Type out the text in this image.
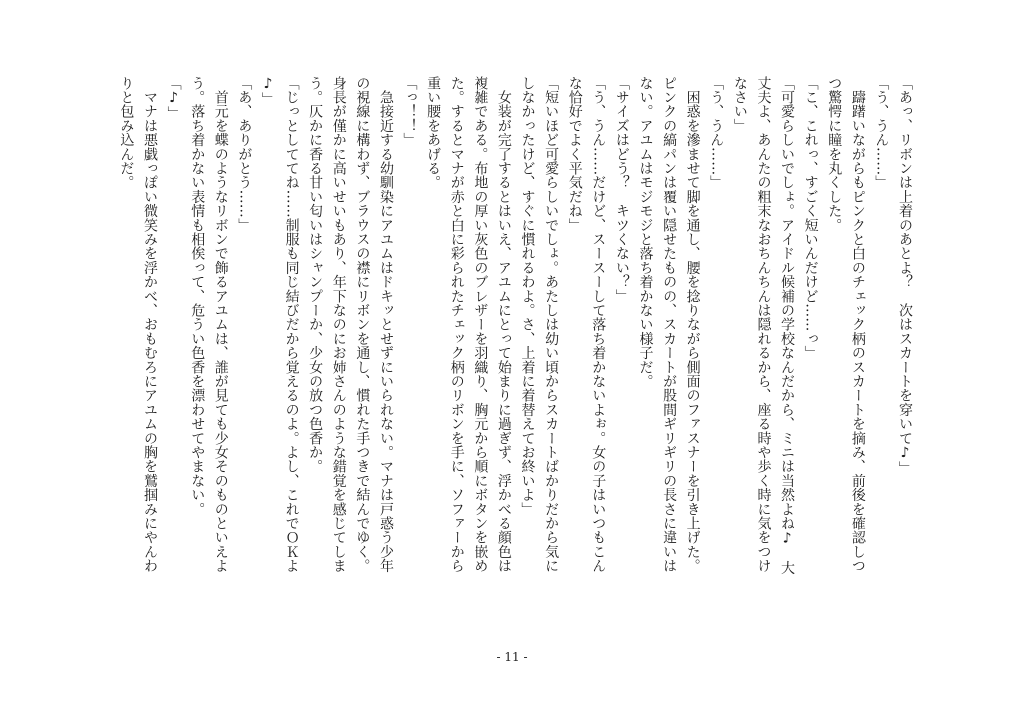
「あっ、リボンは上着のあとよ？　次はスカートを穿いて♪」
「う、うん……」
　躊躇いながらもピンクと白のチェック柄のスカートを摘み、前後を確認しつ
つ驚愕に瞳を丸くした。
「こ、これっ、すごく短いんだけど……っ」
「可愛らしいでしょ。アイドル候補の学校なんだから、ミニは当然よね♪　大
丈夫よ、あんたの粗末なおちんちんは隠れるから、座る時や歩く時に気をつけ
なさい」
「う、うん……」
　困惑を滲ませて脚を通し、腰を捻りながら側面のファスナーを引き上げた。
ピンクの縞パンは覆い隠せたものの、スカートが股間ギリギリの長さに違いは
ない。アユムはモジモジと落ち着かない様子だ。
「サイズはどう？　キツくない？」
「う、うん……だけど、スースーして落ち着かないよぉ。女の子はいつもこん
な恰好でよく平気だね」
「短いほど可愛らしいでしょ。あたしは幼い頃からスカートばかりだから気に
しなかったけど、すぐに慣れるわよ。さ、上着に着替えてお終いよ」
　女装が完了するとはいえ、アユムにとって始まりに過ぎず、浮かべる顔色は
複雑である。布地の厚い灰色のブレザーを羽織り、胸元から順にボタンを嵌め
た。するとマナが赤と白に彩られたチェック柄のリボンを手に、ソファーから
重い腰をあげる。
「っ！！」
　急接近する幼馴染にアユムはドキッとせずにいられない。マナは戸惑う少年
の視線に構わず、ブラウスの襟にリボンを通し、慣れた手つきで結んでゆく。
身長が僅かに高いせいもあり、年下なのにお姉さんのような錯覚を感じてしま
う。仄かに香る甘い匂いはシャンプーか、少女の放つ色香か。
「じっとしててね……制服も同じ結びだから覚えるのよ。よし、これでＯＫよ
♪」
「あ、ありがとう……」
　首元を蝶のようなリボンで飾るアユムは、誰が見ても少女そのものといえよ
う。落ち着かない表情も相俟って、危うい色香を漂わせてやまない。
「♪」
　マナは悪戯っぽい微笑みを浮かべ、おもむろにアユムの胸を鷲掴みにやんわ
りと包み込んだ。
- 11 -
